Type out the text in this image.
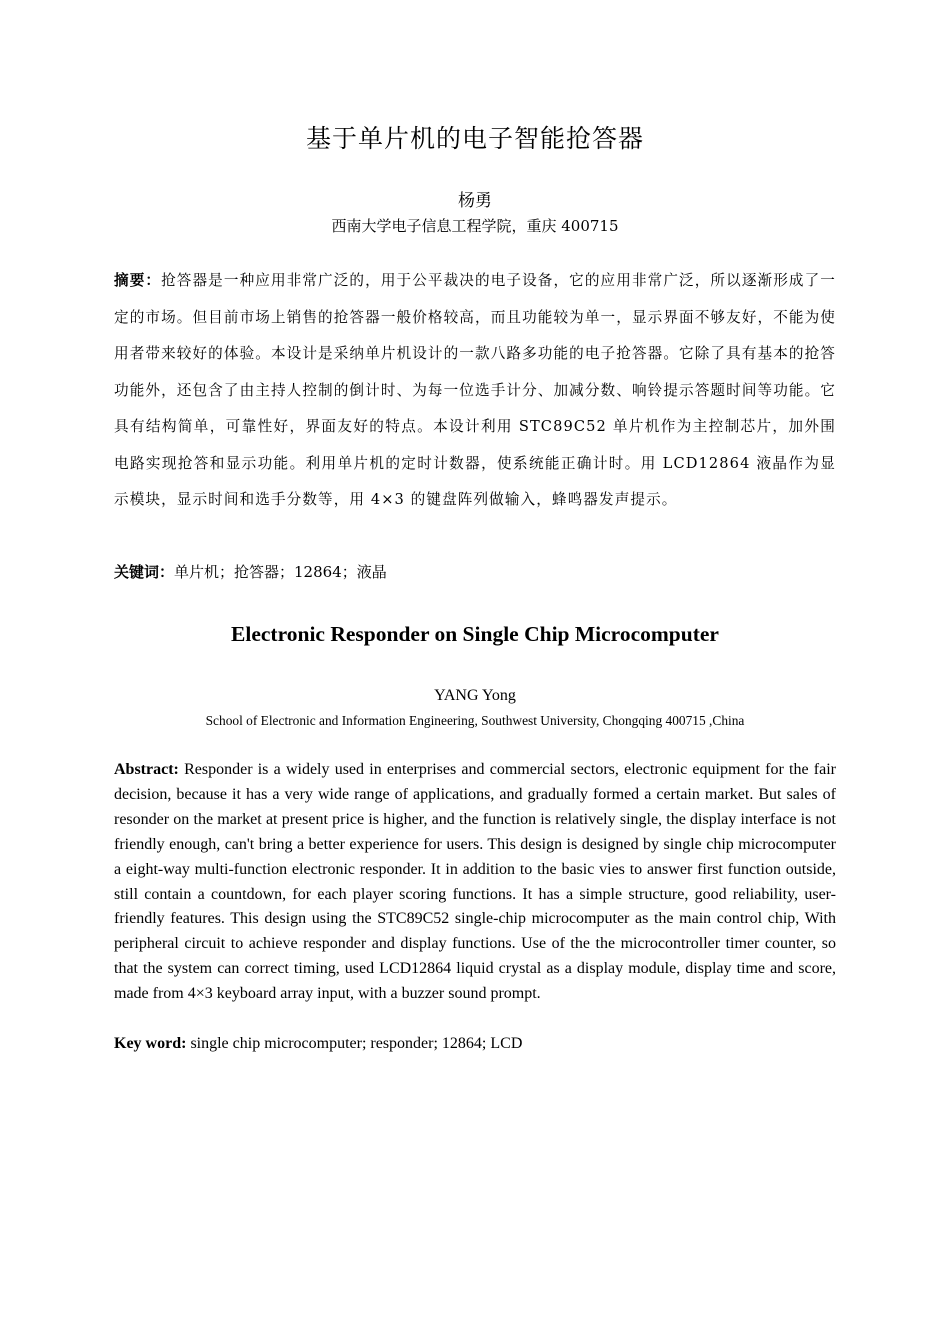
基于单片机的电子智能抢答器
杨勇
西南大学电子信息工程学院，重庆 400715
摘要：抢答器是一种应用非常广泛的，用于公平裁决的电子设备，它的应用非常广泛，所以逐渐形成了一定的市场。但目前市场上销售的抢答器一般价格较高，而且功能较为单一，显示界面不够友好，不能为使用者带来较好的体验。本设计是采纳单片机设计的一款八路多功能的电子抢答器。它除了具有基本的抢答功能外，还包含了由主持人控制的倒计时、为每一位选手计分、加减分数、响铃提示答题时间等功能。它具有结构简单，可靠性好，界面友好的特点。本设计利用 STC89C52 单片机作为主控制芯片，加外围电路实现抢答和显示功能。利用单片机的定时计数器，使系统能正确计时。用 LCD12864 液晶作为显示模块，显示时间和选手分数等，用 4×3 的键盘阵列做输入，蜂鸣器发声提示。
关键词：单片机；抢答器；12864；液晶
Electronic Responder on Single Chip Microcomputer
YANG Yong
School of Electronic and Information Engineering, Southwest University, Chongqing 400715 ,China
Abstract: Responder is a widely used in enterprises and commercial sectors, electronic equipment for the fair decision, because it has a very wide range of applications, and gradually formed a certain market. But sales of resonder on the market at present price is higher, and the function is relatively single, the display interface is not friendly enough, can't bring a better experience for users. This design is designed by single chip microcomputer a eight-way multi-function electronic responder. It in addition to the basic vies to answer first function outside, still contain a countdown, for each player scoring functions. It has a simple structure, good reliability, user-friendly features. This design using the STC89C52 single-chip microcomputer as the main control chip, With peripheral circuit to achieve responder and display functions. Use of the the microcontroller timer counter, so that the system can correct timing, used LCD12864 liquid crystal as a display module, display time and score, made from 4×3 keyboard array input, with a buzzer sound prompt.
Key word: single chip microcomputer; responder; 12864; LCD
